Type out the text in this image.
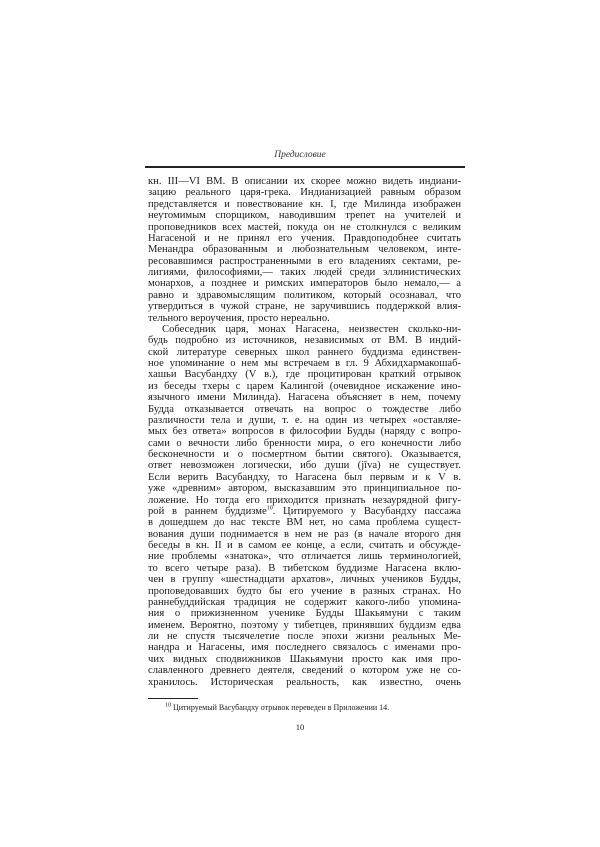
Предисловие
кн. III—VI ВМ. В описании их скорее можно видеть индиани-
зацию реального царя-грека. Индианизацией равным образом
представляется и повествование кн. I, где Милинда изображен
неутомимым спорщиком, наводившим трепет на учителей и
проповедников всех мастей, покуда он не столкнулся с великим
Нагасеной и не принял его учения. Правдоподобнее считать
Менандра образованным и любознательным человеком, инте-
ресовавшимся распространенными в его владениях сектами, ре-
лигиями, философиями,— таких людей среди эллинистических
монархов, а позднее и римских императоров было немало,— а
равно и здравомыслящим политиком, который осознавал, что
утвердиться в чужой стране, не заручившись поддержкой влия-
тельного вероучения, просто нереально.
Собеседник царя, монах Нагасена, неизвестен сколько-ни-
будь подробно из источников, независимых от ВМ. В индий-
ской литературе северных школ раннего буддизма единствен-
ное упоминание о нем мы встречаем в гл. 9 Абхидхармакошаб-
хашьи Васубандху (V в.), где процитирован краткий отрывок
из беседы тхеры с царем Калингой (очевидное искажение ино-
язычного имени Милинда). Нагасена объясняет в нем, почему
Будда отказывается отвечать на вопрос о тождестве либо
различности тела и души, т. е. на один из четырех «оставляе-
мых без ответа» вопросов в философии Будды (наряду с вопро-
сами о вечности либо бренности мира, о его конечности либо
бесконечности и о посмертном бытии святого). Оказывается,
ответ невозможен логически, ибо души (jīva) не существует.
Если верить Васубандху, то Нагасена был первым и к V в.
уже «древним» автором, высказавшим это принципиальное по-
ложение. Но тогда его приходится признать незаурядной фигу-
рой в раннем буддизме$^{10}$. Цитируемого у Васубандху пассажа
в дошедшем до нас тексте ВМ нет, но сама проблема сущест-
вования души поднимается в нем не раз (в начале второго дня
беседы в кн. II и в самом ее конце, а если, считать и обсужде-
ние проблемы «знатока», что отличается лишь терминологией,
то всего четыре раза). В тибетском буддизме Нагасена вклю-
чен в группу «шестнадцати архатов», личных учеников Будды,
проповедовавших будто бы его учение в разных странах. Но
раннебуддийская традиция не содержит какого-либо упомина-
ния о прижизненном ученике Будды Шакьямуни с таким
именем. Вероятно, поэтому у тибетцев, принявших буддизм едва
ли не спустя тысячелетие после эпохи жизни реальных Ме-
нандра и Нагасены, имя последнего связалось с именами про-
чих видных сподвижников Шакьямуни просто как имя про-
славленного древнего деятеля, сведений о котором уже не со-
хранилось. Историческая реальность, как известно, очень
$^{10}$ Цитируемый Васубандху отрывок переведен в Приложении 14.
10
